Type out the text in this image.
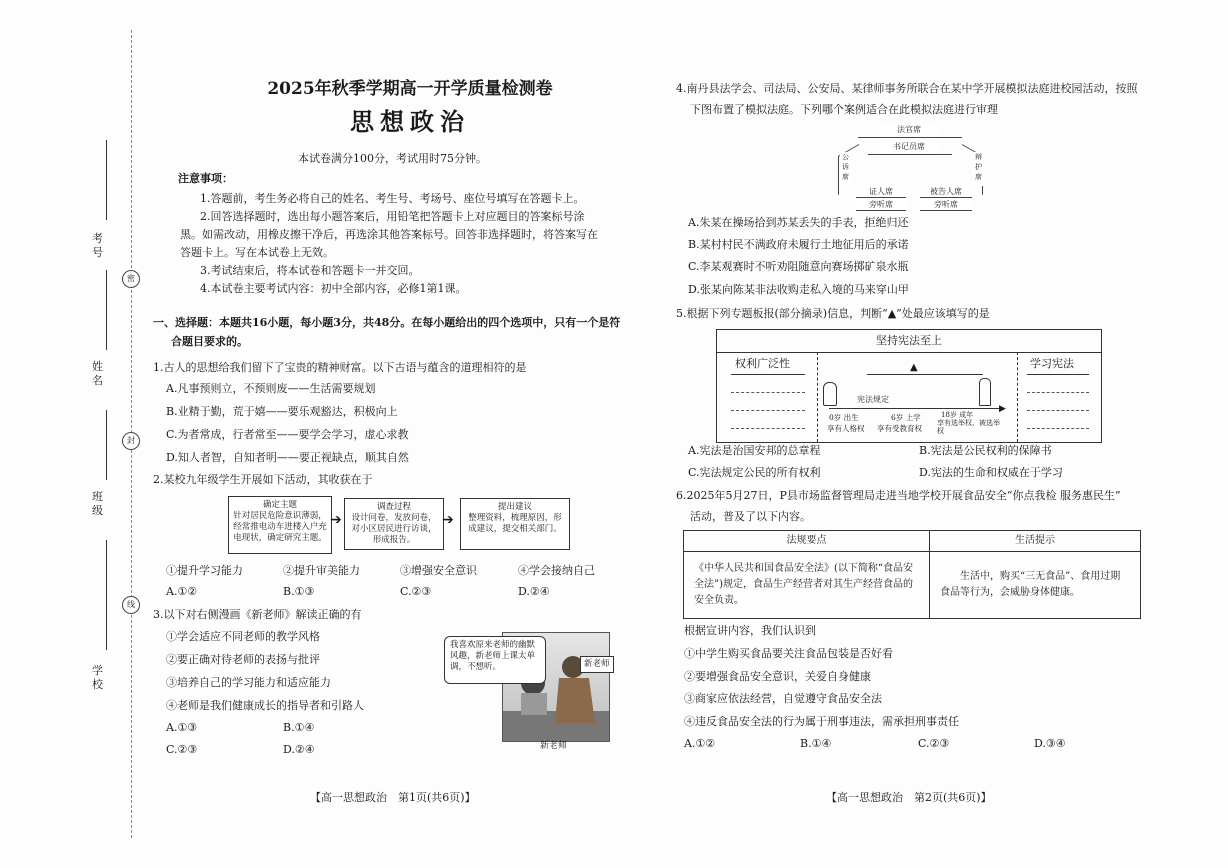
密
封
线
考号
姓名
班级
学校
2025年秋季学期高一开学质量检测卷
思想政治
本试卷满分100分，考试用时75分钟。
注意事项：
1.答题前，考生务必将自己的姓名、考生号、考场号、座位号填写在答题卡上。
2.回答选择题时，选出每小题答案后，用铅笔把答题卡上对应题目的答案标号涂
黑。如需改动，用橡皮擦干净后，再选涂其他答案标号。回答非选择题时，将答案写在
答题卡上。写在本试卷上无效。
3.考试结束后，将本试卷和答题卡一并交回。
4.本试卷主要考试内容：初中全部内容，必修1第1课。
一、选择题：本题共16小题，每小题3分，共48分。在每小题给出的四个选项中，只有一个是符
合题目要求的。
1.古人的思想给我们留下了宝贵的精神财富。以下古语与蕴含的道理相符的是
A.凡事预则立，不预则废——生活需要规划
B.业精于勤，荒于嬉——要乐观豁达，积极向上
C.为者常成，行者常至——要学会学习，虚心求教
D.知人者智，自知者明——要正视缺点，顺其自然
2.某校九年级学生开展如下活动，其收获在于
确定主题
针对居民危险意识薄弱，经常推电动车进楼入户充电现状，确定研究主题。
➔
调查过程
设计问卷，发放问卷，对小区居民进行访谈，形成报告。
➔
提出建议
整理资料，梳理原因，形成建议，提交相关部门。
①提升学习能力	②提升审美能力	③增强安全意识	④学会接纳自己
A.①②	B.①③	C.②③	D.②④
3.以下对右侧漫画《新老师》解读正确的有
①学会适应不同老师的教学风格
②要正确对待老师的表扬与批评
③培养自己的学习能力和适应能力
④老师是我们健康成长的指导者和引路人
A.①③	B.①④
C.②③	D.②④
我喜欢原来老师的幽默风趣，新老师上课太单调，不想听。	新老师
新老师
4.南丹县法学会、司法局、公安局、某律师事务所联合在某中学开展模拟法庭进校园活动，按照
下图布置了模拟法庭。下列哪个案例适合在此模拟法庭进行审理
法官席
书记员席
公诉席
辩护席
证人席	被告人席
旁听席	旁听席
A.朱某在操场拾到苏某丢失的手表，拒绝归还
B.某村村民不满政府未履行土地征用后的承诺
C.李某观赛时不听劝阻随意向赛场掷矿泉水瓶
D.张某向陈某非法收购走私入境的马来穿山甲
5.根据下列专题板报(部分摘录)信息，判断“▲”处最应该填写的是
坚持宪法至上
权利广泛性	学习宪法
▲
宪法规定
▶
0岁 出生
享有人格权
6岁 上学
享有受教育权
18岁 成年
享有选举权、被选举权
A.宪法是治国安邦的总章程	B.宪法是公民权利的保障书
C.宪法规定公民的所有权利	D.宪法的生命和权威在于学习
6.2025年5月27日，P县市场监督管理局走进当地学校开展食品安全“你点我检 服务惠民生”
活动，普及了以下内容。
法规要点	生活提示
《中华人民共和国食品安全法》(以下简称“食品安全法”)规定，食品生产经营者对其生产经营食品的安全负责。	生活中，购买“三无食品”、食用过期食品等行为，会威胁身体健康。
根据宣讲内容，我们认识到
①中学生购买食品要关注食品包装是否好看
②要增强食品安全意识，关爱自身健康
③商家应依法经营，自觉遵守食品安全法
④违反食品安全法的行为属于刑事违法，需承担刑事责任
A.①②	B.①④	C.②③	D.③④
【高一思想政治　第1页(共6页)】	【高一思想政治　第2页(共6页)】
